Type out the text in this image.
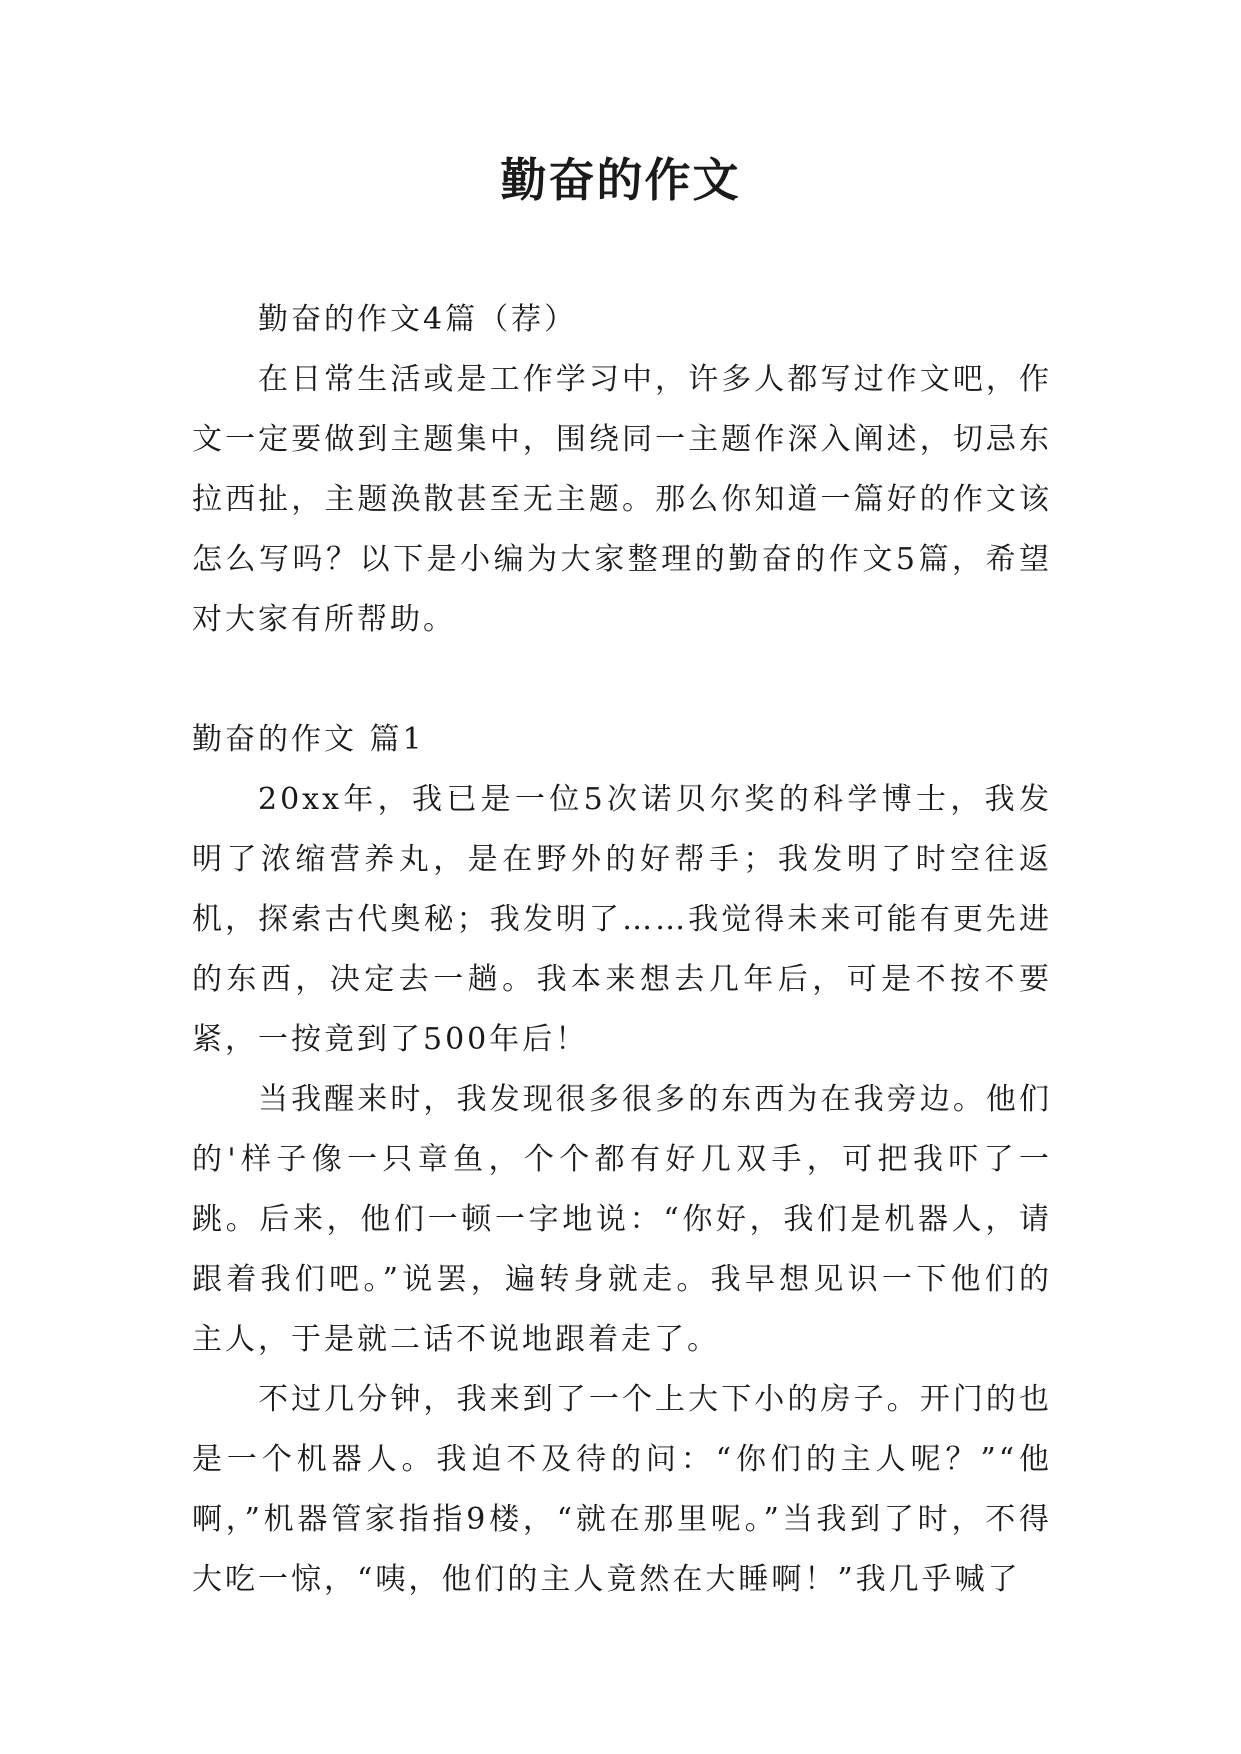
勤奋的作文

勤奋的作文4篇（荐）

在日常生活或是工作学习中，许多人都写过作文吧，作文一定要做到主题集中，围绕同一主题作深入阐述，切忌东拉西扯，主题涣散甚至无主题。那么你知道一篇好的作文该怎么写吗？以下是小编为大家整理的勤奋的作文5篇，希望对大家有所帮助。

勤奋的作文 篇1

20xx年，我已是一位5次诺贝尔奖的科学博士，我发明了浓缩营养丸，是在野外的好帮手；我发明了时空往返机，探索古代奥秘；我发明了……我觉得未来可能有更先进的东西，决定去一趟。我本来想去几年后，可是不按不要紧，一按竟到了500年后！

当我醒来时，我发现很多很多的东西为在我旁边。他们的'样子像一只章鱼，个个都有好几双手，可把我吓了一跳。后来，他们一顿一字地说：“你好，我们是机器人，请跟着我们吧。”说罢，遍转身就走。我早想见识一下他们的主人，于是就二话不说地跟着走了。

不过几分钟，我来到了一个上大下小的房子。开门的也是一个机器人。我迫不及待的问：“你们的主人呢？”“他啊，”机器管家指指9楼，“就在那里呢。”当我到了时，不得大吃一惊，“咦，他们的主人竟然在大睡啊！”我几乎喊了
